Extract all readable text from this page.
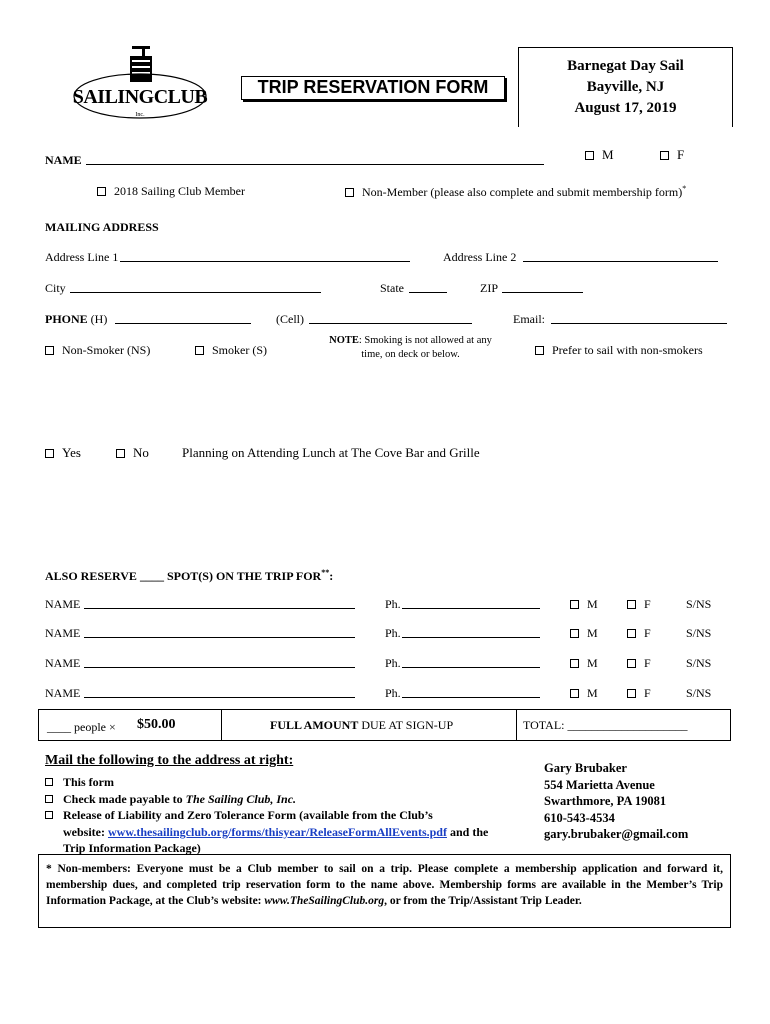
SAILINGCLUB
Inc.
TRIP RESERVATION FORM
Barnegat Day Sail
Bayville, NJ
August 17, 2019
NAME	M	F
2018 Sailing Club Member	Non-Member (please also complete and submit membership form)*
MAILING ADDRESS
Address Line 1	Address Line 2
City	State	ZIP
PHONE (H)	(Cell)	Email:
Non-Smoker (NS)	Smoker (S)
NOTE: Smoking is not allowed at any
time, on deck or below.	Prefer to sail with non-smokers
Yes	No	Planning on Attending Lunch at The Cove Bar and Grille
ALSO RESERVE ____ SPOT(S) ON THE TRIP FOR**:
NAME	Ph.	M	F	S/NS
NAME	Ph.	M	F	S/NS
NAME	Ph.	M	F	S/NS
NAME	Ph.	M	F	S/NS
____ people × $50.00	FULL AMOUNT DUE AT SIGN-UP	TOTAL: ____________________
Mail the following to the address at right:
This form
Check made payable to The Sailing Club, Inc.
Release of Liability and Zero Tolerance Form (available from the Club’s
website: www.thesailingclub.org/forms/thisyear/ReleaseFormAllEvents.pdf and the
Trip Information Package)
Gary Brubaker
554 Marietta Avenue
Swarthmore, PA 19081
610-543-4534
gary.brubaker@gmail.com
* Non-members: Everyone must be a Club member to sail on a trip. Please complete a membership application and forward it, membership dues, and completed trip reservation form to the name above. Membership forms are available in the Member’s Trip Information Package, at the Club’s website: www.TheSailingClub.org, or from the Trip/Assistant Trip Leader.
